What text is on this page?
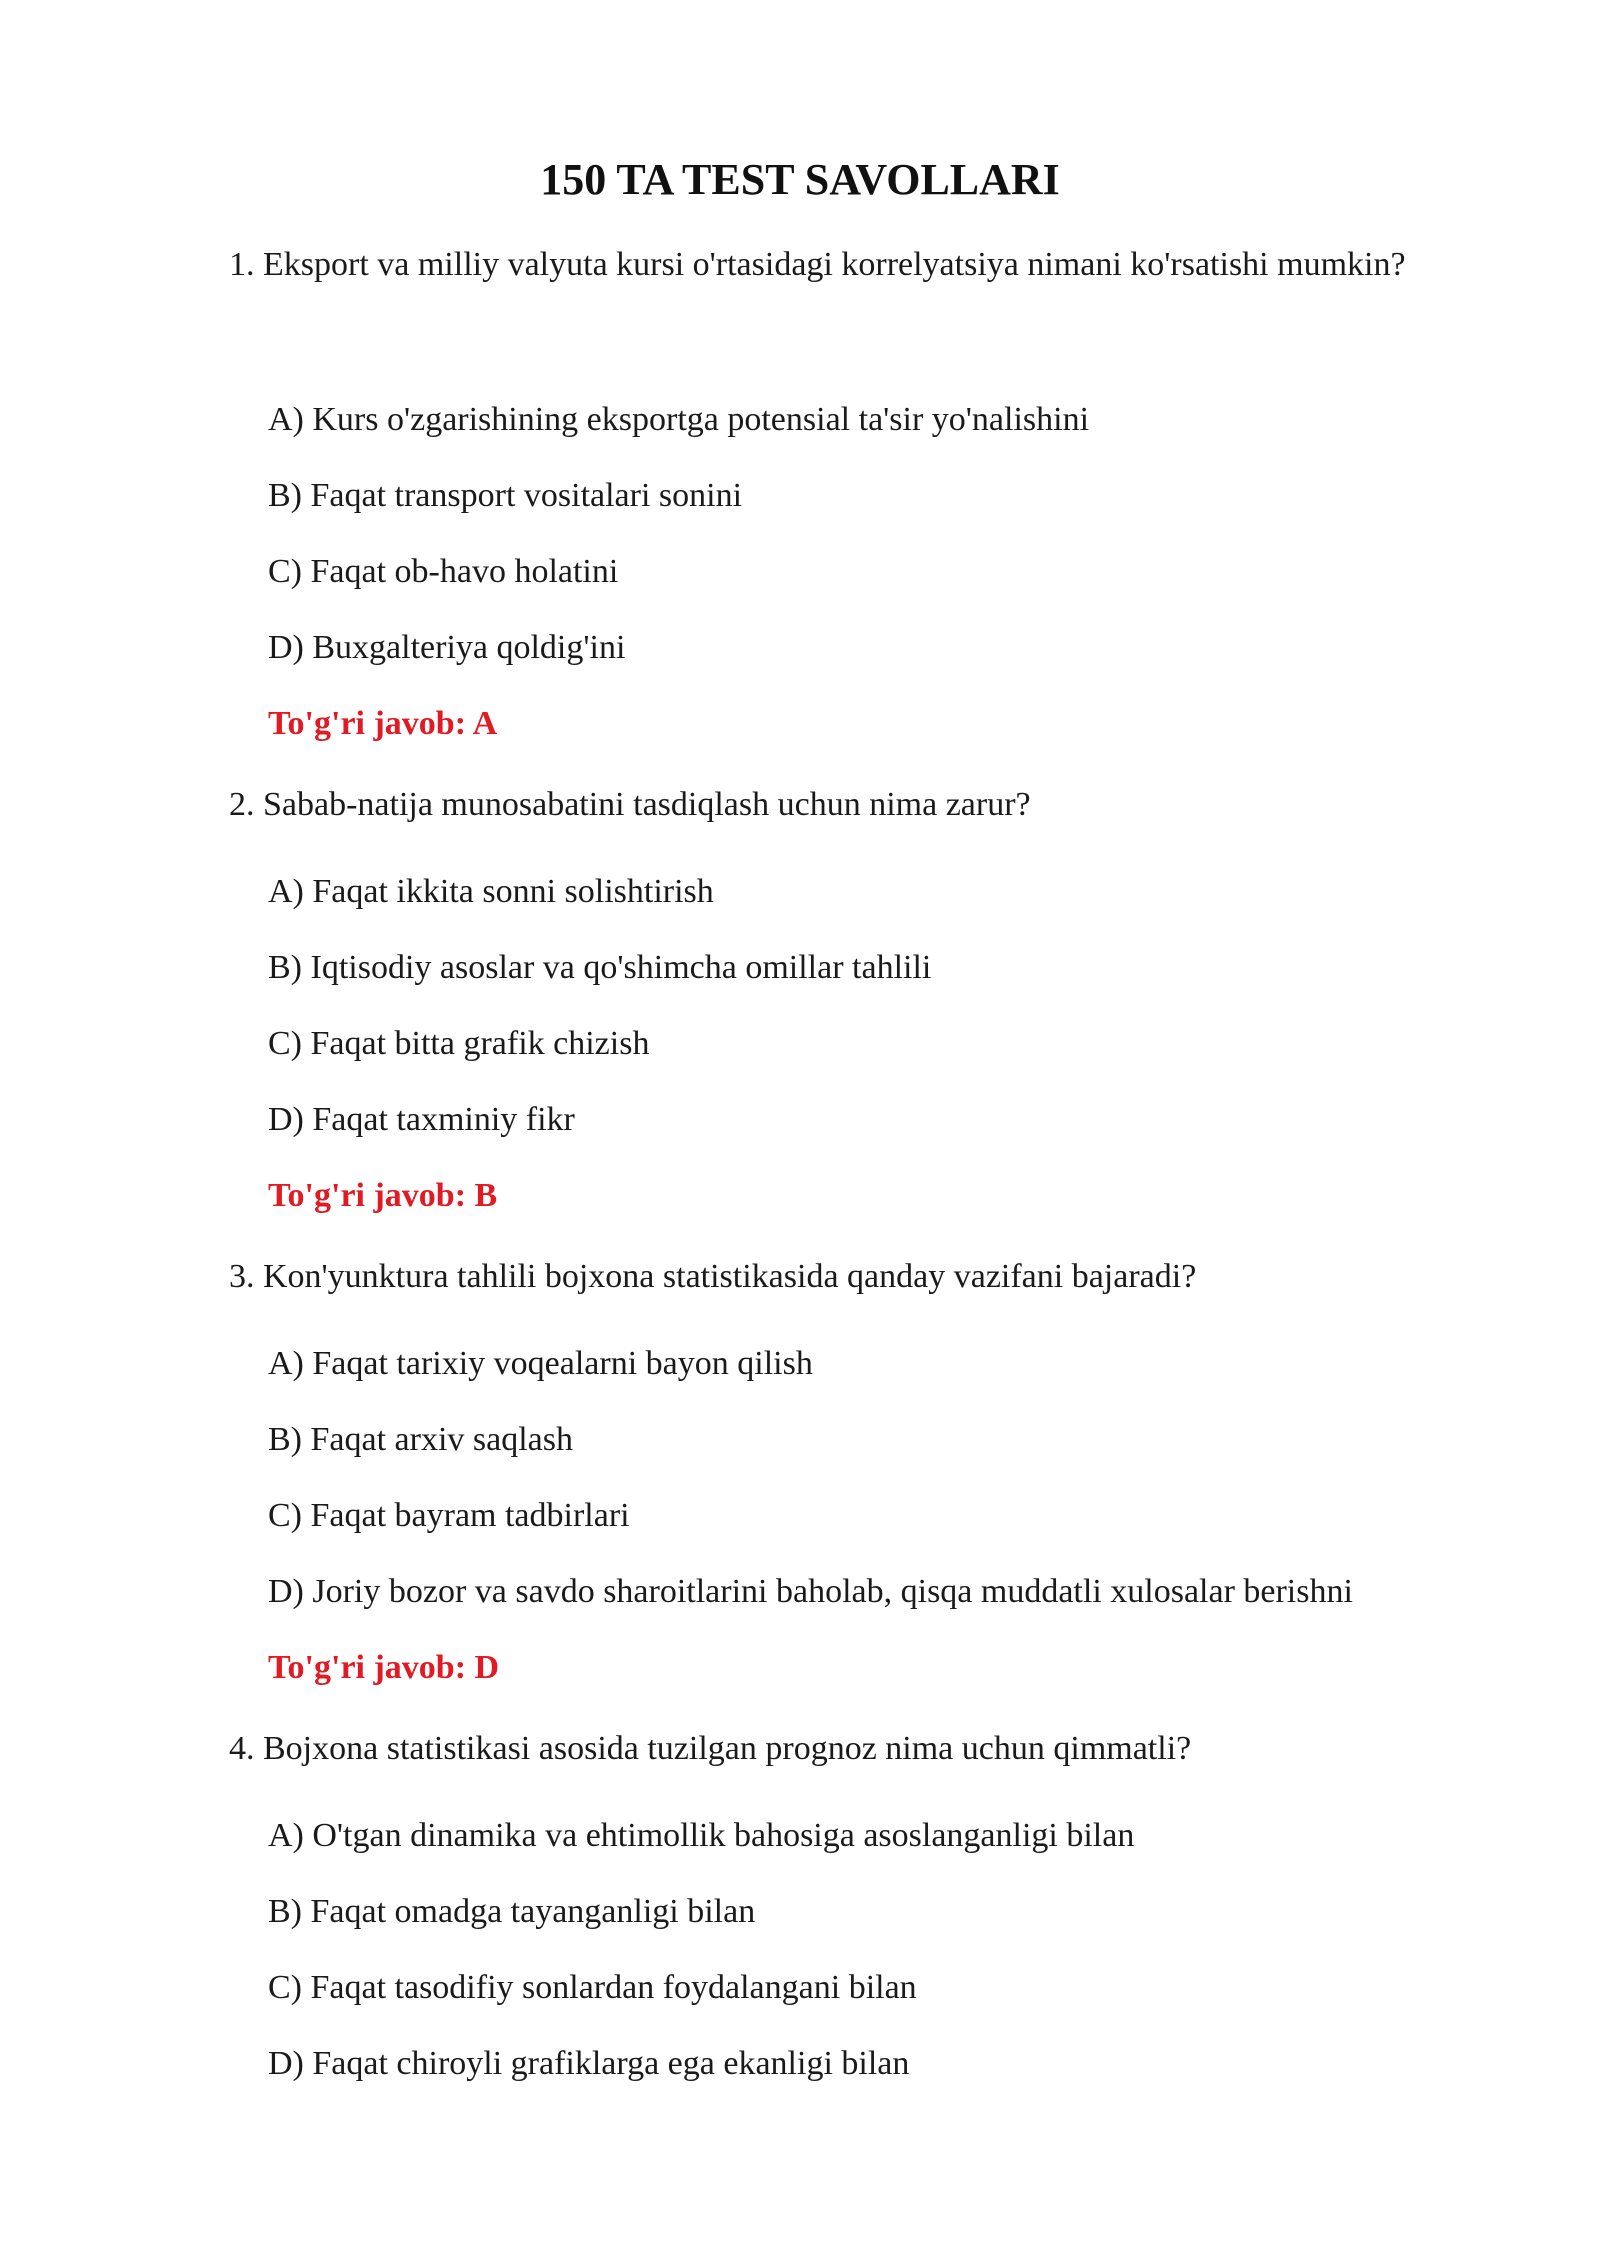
150 TA TEST SAVOLLARI

1. Eksport va milliy valyuta kursi o'rtasidagi korrelyatsiya nimani ko'rsatishi mumkin?

A) Kurs o'zgarishining eksportga potensial ta'sir yo'nalishini

B) Faqat transport vositalari sonini

C) Faqat ob-havo holatini

D) Buxgalteriya qoldig'ini

To'g'ri javob: A

2. Sabab-natija munosabatini tasdiqlash uchun nima zarur?

A) Faqat ikkita sonni solishtirish

B) Iqtisodiy asoslar va qo'shimcha omillar tahlili

C) Faqat bitta grafik chizish

D) Faqat taxminiy fikr

To'g'ri javob: B

3. Kon'yunktura tahlili bojxona statistikasida qanday vazifani bajaradi?

A) Faqat tarixiy voqealarni bayon qilish

B) Faqat arxiv saqlash

C) Faqat bayram tadbirlari

D) Joriy bozor va savdo sharoitlarini baholab, qisqa muddatli xulosalar berishni

To'g'ri javob: D

4. Bojxona statistikasi asosida tuzilgan prognoz nima uchun qimmatli?

A) O'tgan dinamika va ehtimollik bahosiga asoslanganligi bilan

B) Faqat omadga tayanganligi bilan

C) Faqat tasodifiy sonlardan foydalangani bilan

D) Faqat chiroyli grafiklarga ega ekanligi bilan
